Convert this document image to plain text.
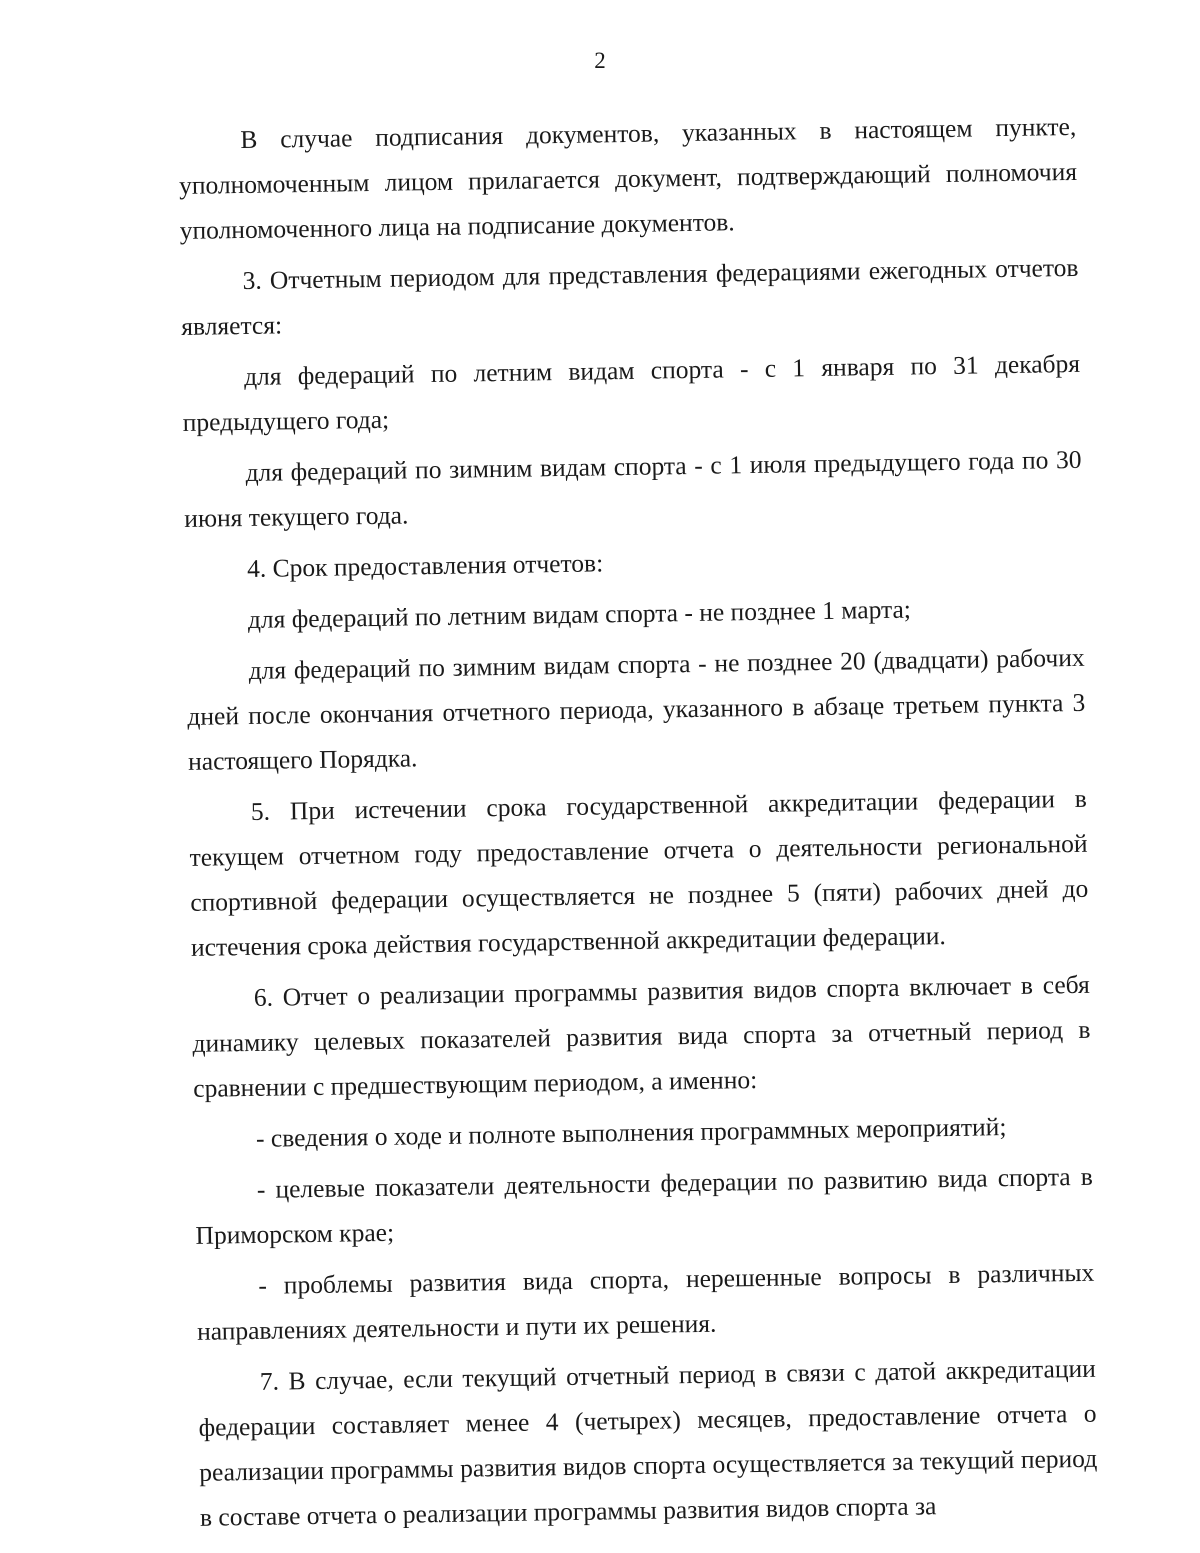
2

В случае подписания документов, указанных в настоящем пункте, уполномоченным лицом прилагается документ, подтверждающий полномочия уполномоченного лица на подписание документов.

3. Отчетным периодом для представления федерациями ежегодных отчетов является:

для федераций по летним видам спорта - с 1 января по 31 декабря предыдущего года;

для федераций по зимним видам спорта - с 1 июля предыдущего года по 30 июня текущего года.

4. Срок предоставления отчетов:

для федераций по летним видам спорта - не позднее 1 марта;

для федераций по зимним видам спорта - не позднее 20 (двадцати) рабочих дней после окончания отчетного периода, указанного в абзаце третьем пункта 3 настоящего Порядка.

5. При истечении срока государственной аккредитации федерации в текущем отчетном году предоставление отчета о деятельности региональной спортивной федерации осуществляется не позднее 5 (пяти) рабочих дней до истечения срока действия государственной аккредитации федерации.

6. Отчет о реализации программы развития видов спорта включает в себя динамику целевых показателей развития вида спорта за отчетный период в сравнении с предшествующим периодом, а именно:

- сведения о ходе и полноте выполнения программных мероприятий;

- целевые показатели деятельности федерации по развитию вида спорта в Приморском крае;

- проблемы развития вида спорта, нерешенные вопросы в различных направлениях деятельности и пути их решения.

7. В случае, если текущий отчетный период в связи с датой аккредитации федерации составляет менее 4 (четырех) месяцев, предоставление отчета о реализации программы развития видов спорта осуществляется за текущий период в составе отчета о реализации программы развития видов спорта за
